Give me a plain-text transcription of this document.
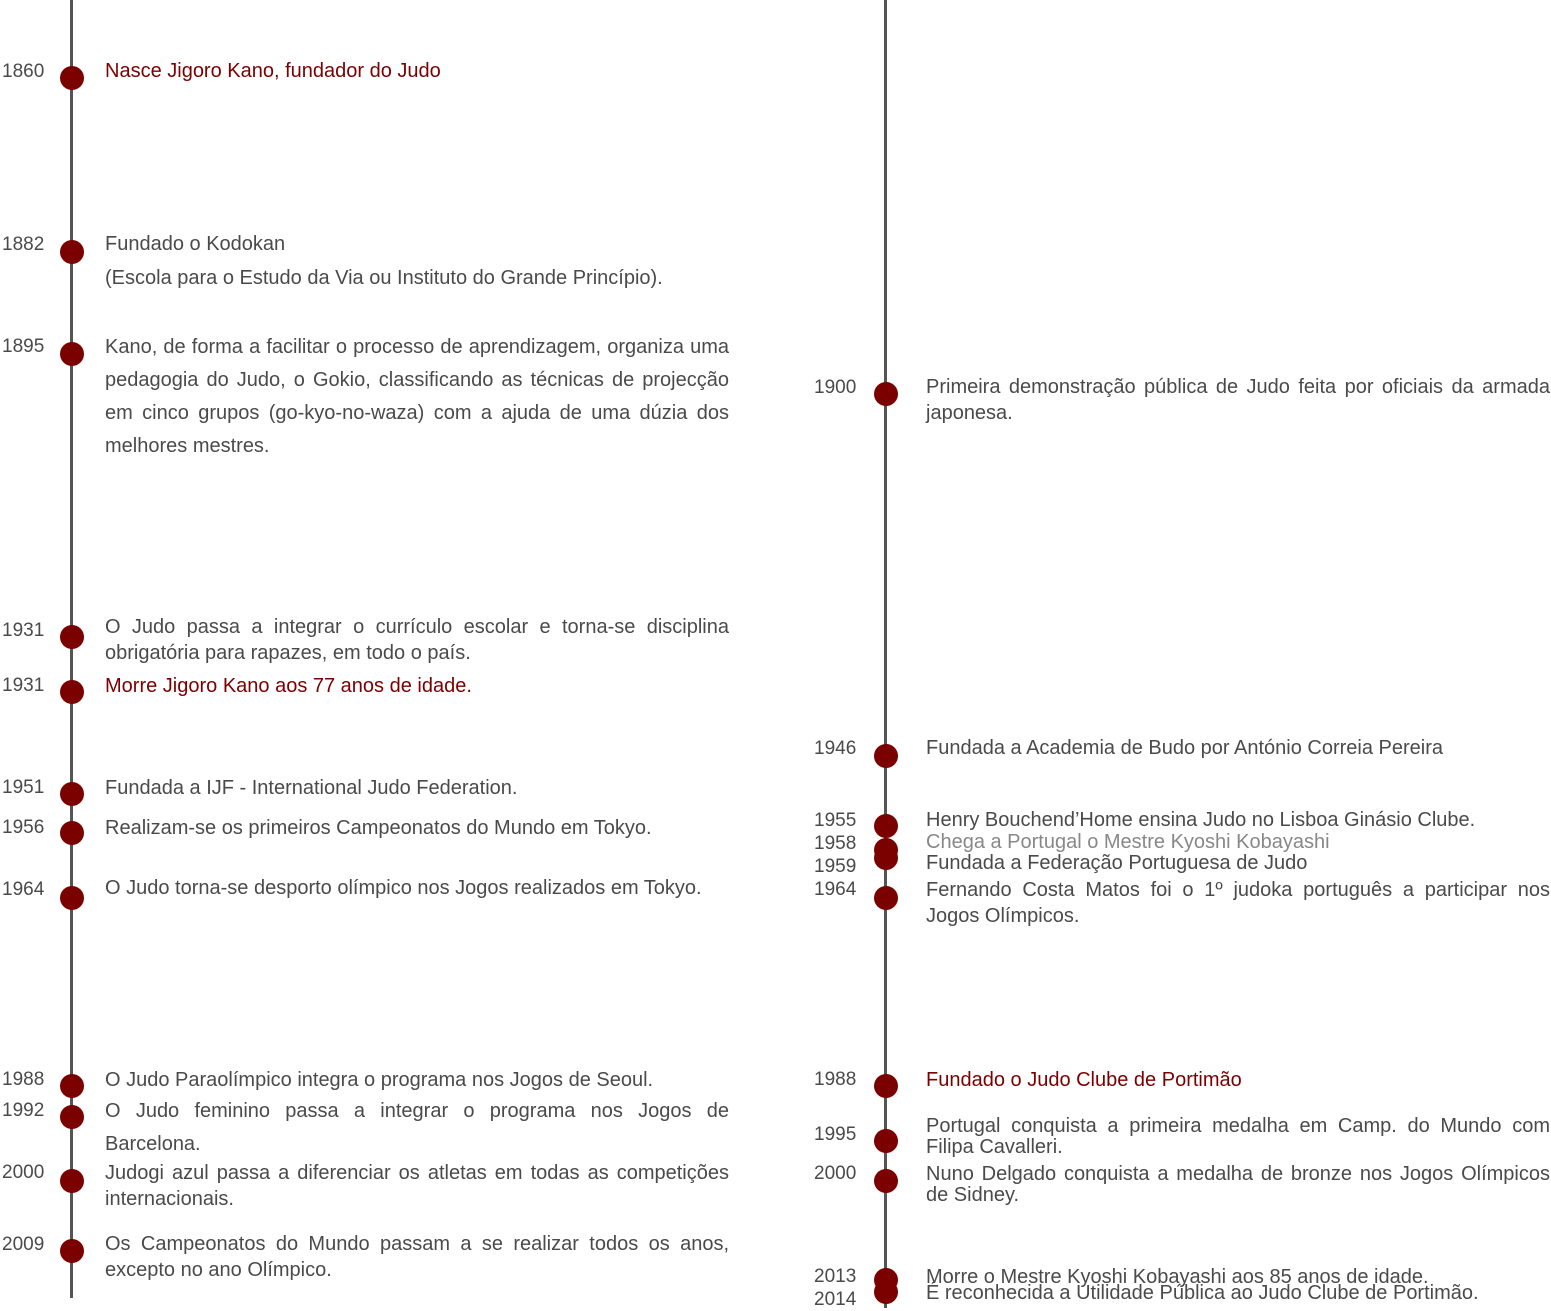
1860	Nasce Jigoro Kano, fundador do Judo
1882	Fundado o Kodokan
(Escola para o Estudo da Via ou Instituto do Grande Princípio).
1895	Kano, de forma a facilitar o processo de aprendizagem, organiza uma pedagogia do Judo, o Gokio, classificando as técnicas de projecção em cinco grupos (go-kyo-no-waza) com a ajuda de uma dúzia dos melhores mestres.
1931	O Judo passa a integrar o currículo escolar e torna-se disciplina obrigatória para rapazes, em todo o país.
1931	Morre Jigoro Kano aos 77 anos de idade.
1951	Fundada a IJF - International Judo Federation.
1956	Realizam-se os primeiros Campeonatos do Mundo em Tokyo.
1964	O Judo torna-se desporto olímpico nos Jogos realizados em Tokyo.
1988	O Judo Paraolímpico integra o programa nos Jogos de Seoul.
1992	O Judo feminino passa a integrar o programa nos Jogos de Barcelona.
2000	Judogi azul passa a diferenciar os atletas em todas as competições internacionais.
2009	Os Campeonatos do Mundo passam a se realizar todos os anos, excepto no ano Olímpico.
1900	Primeira demonstração pública de Judo feita por oficiais da armada japonesa.
1946	Fundada a Academia de Budo por António Correia Pereira
1955	Henry Bouchend’Home ensina Judo no Lisboa Ginásio Clube.
1958	Chega a Portugal o Mestre Kyoshi Kobayashi
1959	Fundada a Federação Portuguesa de Judo
1964	Fernando Costa Matos foi o 1º judoka português a participar nos Jogos Olímpicos.
1988	Fundado o Judo Clube de Portimão
1995	Portugal conquista a primeira medalha em Camp. do Mundo com Filipa Cavalleri.
2000	Nuno Delgado conquista a medalha de bronze nos Jogos Olímpicos de Sidney.
2013	Morre o Mestre Kyoshi Kobayashi aos 85 anos de idade.
2014	É reconhecida a Utilidade Pública ao Judo Clube de Portimão.
